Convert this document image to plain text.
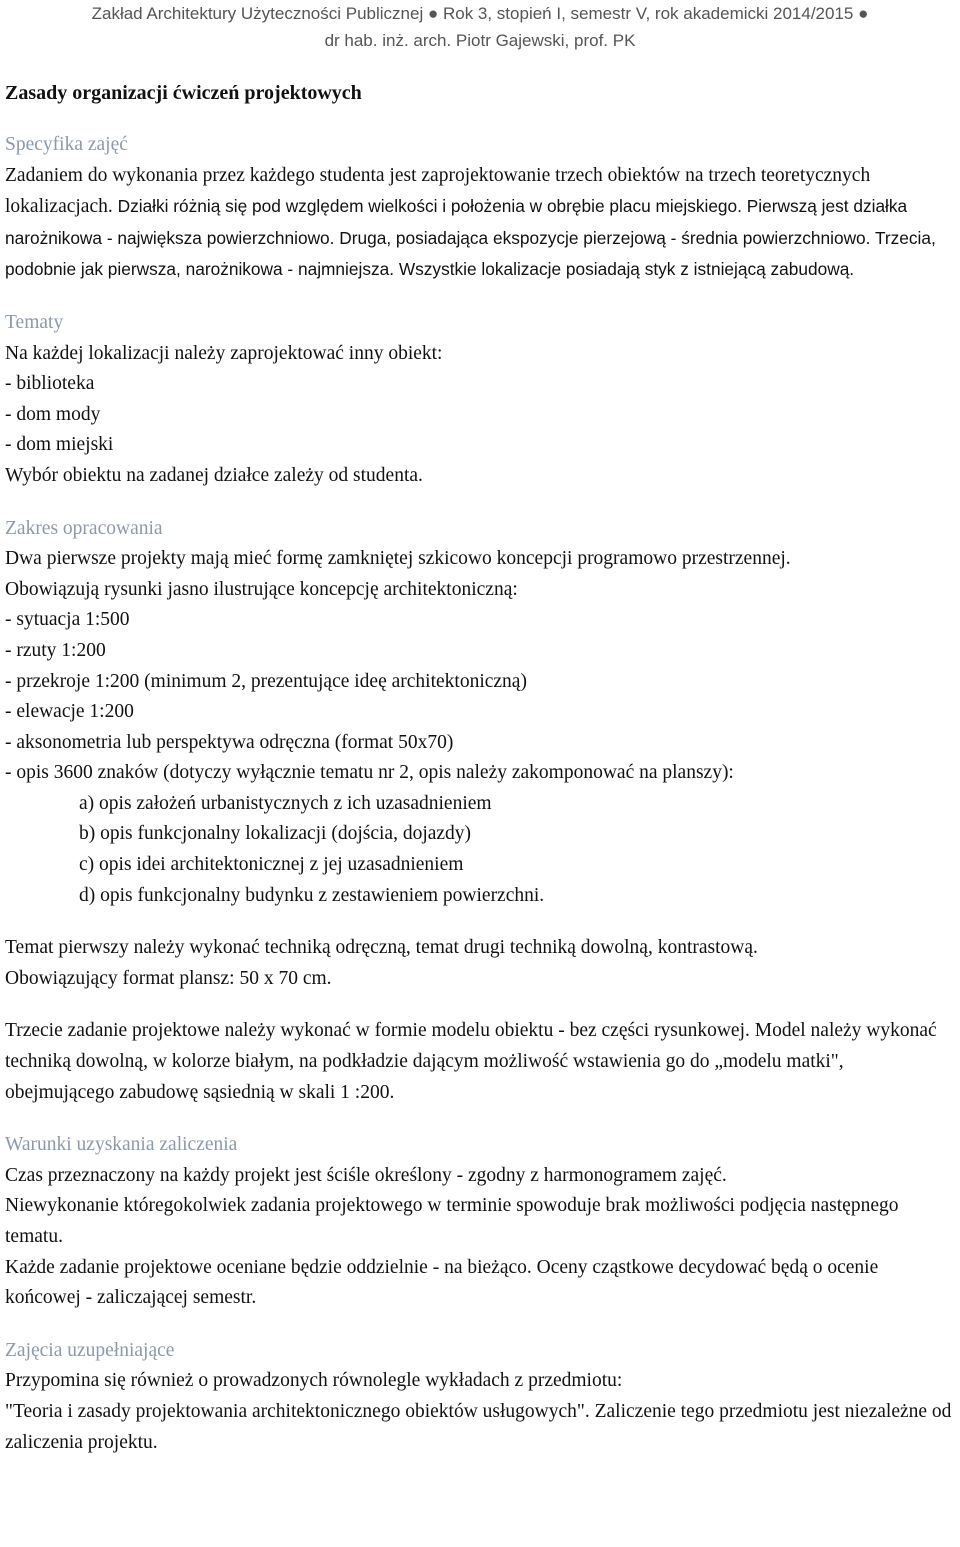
Zakład Architektury Użyteczności Publicznej ● Rok 3, stopień I, semestr V, rok akademicki 2014/2015 ●
dr hab. inż. arch. Piotr Gajewski, prof. PK
Zasady organizacji ćwiczeń projektowych
Specyfika zajęć

Zadaniem do wykonania przez każdego studenta jest zaprojektowanie trzech obiektów na trzech teoretycznych lokalizacjach. Działki różnią się pod względem wielkości i położenia w obrębie placu miejskiego. Pierwszą jest działka narożnikowa - największa powierzchniowo. Druga, posiadająca ekspozycje pierzejową - średnia powierzchniowo. Trzecia, podobnie jak pierwsza, narożnikowa - najmniejsza. Wszystkie lokalizacje posiadają styk z istniejącą zabudową.

Tematy

Na każdej lokalizacji należy zaprojektować inny obiekt:

- biblioteka
- dom mody
- dom miejski

Wybór obiektu na zadanej działce zależy od studenta.

Zakres opracowania

Dwa pierwsze projekty mają mieć formę zamkniętej szkicowo koncepcji programowo przestrzennej.

Obowiązują rysunki jasno ilustrujące koncepcję architektoniczną:

- sytuacja 1:500
- rzuty 1:200
- przekroje 1:200 (minimum 2, prezentujące ideę architektoniczną)
- elewacje 1:200
- aksonometria lub perspektywa odręczna (format 50x70)
- opis 3600 znaków (dotyczy wyłącznie tematu nr 2, opis należy zakomponować na planszy):
a) opis założeń urbanistycznych z ich uzasadnieniem
b) opis funkcjonalny lokalizacji (dojścia, dojazdy)
c) opis idei architektonicznej z jej uzasadnieniem
d) opis funkcjonalny budynku z zestawieniem powierzchni.

Temat pierwszy należy wykonać techniką odręczną, temat drugi techniką dowolną, kontrastową.

Obowiązujący format plansz: 50 x 70 cm.

Trzecie zadanie projektowe należy wykonać w formie modelu obiektu - bez części rysunkowej. Model należy wykonać techniką dowolną, w kolorze białym, na podkładzie dającym możliwość wstawienia go do „modelu matki", obejmującego zabudowę sąsiednią w skali 1 :200.

Warunki uzyskania zaliczenia

Czas przeznaczony na każdy projekt jest ściśle określony - zgodny z harmonogramem zajęć.

Niewykonanie któregokolwiek zadania projektowego w terminie spowoduje brak możliwości podjęcia następnego tematu.

Każde zadanie projektowe oceniane będzie oddzielnie - na bieżąco. Oceny cząstkowe decydować będą o ocenie końcowej - zaliczającej semestr.

Zajęcia uzupełniające

Przypomina się również o prowadzonych równolegle wykładach z przedmiotu:

"Teoria i zasady projektowania architektonicznego obiektów usługowych". Zaliczenie tego przedmiotu jest niezależne od zaliczenia projektu.
